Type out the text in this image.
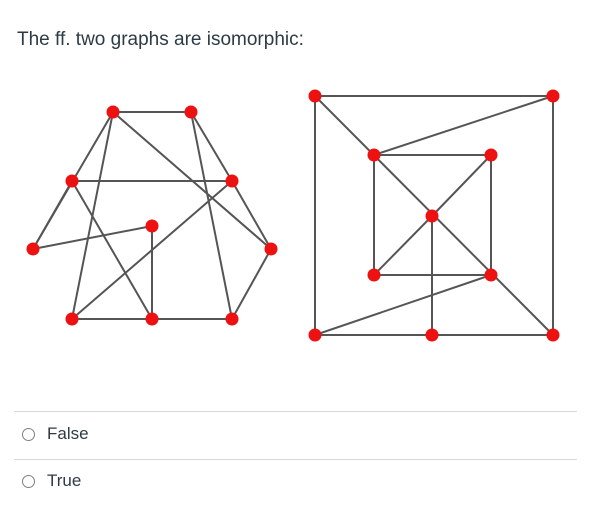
The ff. two graphs are isomorphic:
False
True
